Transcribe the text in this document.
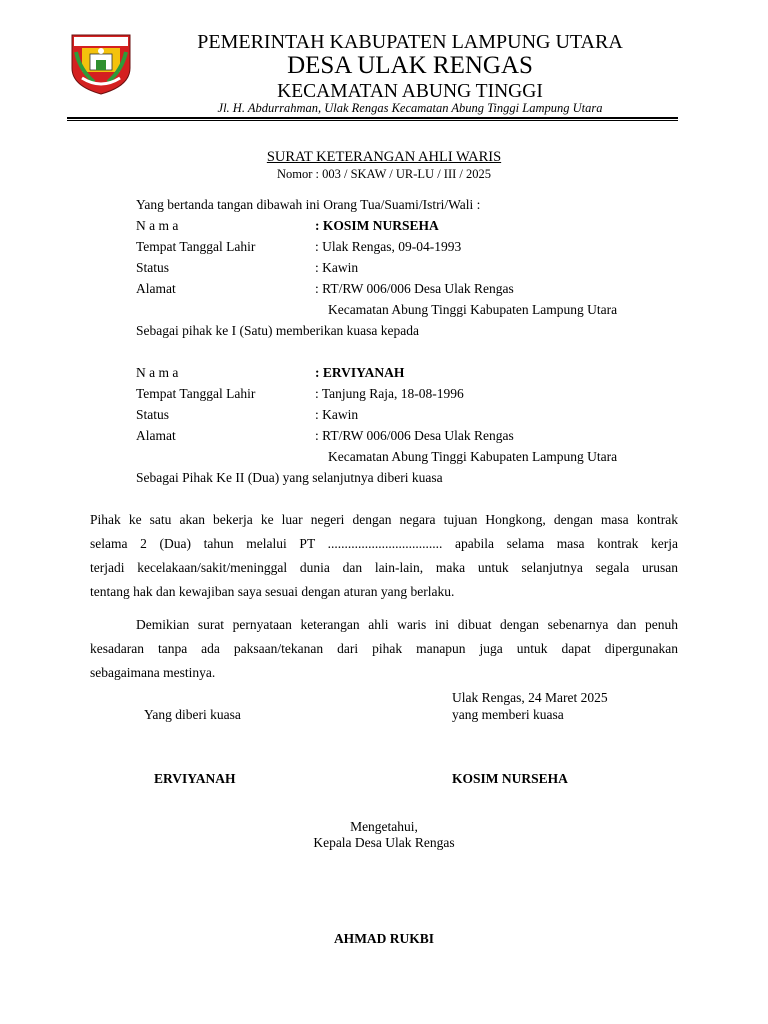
PEMERINTAH KABUPATEN LAMPUNG UTARA
DESA ULAK RENGAS
KECAMATAN ABUNG TINGGI
Jl. H. Abdurrahman, Ulak Rengas Kecamatan Abung Tinggi Lampung Utara
SURAT KETERANGAN AHLI WARIS
Nomor : 003 / SKAW / UR-LU / III / 2025
Yang bertanda tangan dibawah ini Orang Tua/Suami/Istri/Wali :
N a m a	: KOSIM NURSEHA
Tempat Tanggal Lahir	: Ulak Rengas, 09-04-1993
Status	: Kawin
Alamat	: RT/RW 006/006 Desa Ulak Rengas
Kecamatan Abung Tinggi Kabupaten Lampung Utara
Sebagai pihak ke I (Satu) memberikan kuasa kepada
N a m a	: ERVIYANAH
Tempat Tanggal Lahir	: Tanjung Raja, 18-08-1996
Status	: Kawin
Alamat	: RT/RW 006/006 Desa Ulak Rengas
Kecamatan Abung Tinggi Kabupaten Lampung Utara
Sebagai Pihak Ke II (Dua) yang selanjutnya diberi kuasa

Pihak ke satu akan bekerja ke luar negeri dengan negara tujuan Hongkong, dengan masa kontrak

selama 2 (Dua) tahun melalui PT .................................. apabila selama masa kontrak kerja

terjadi kecelakaan/sakit/meninggal dunia dan lain-lain, maka untuk selanjutnya segala urusan

tentang hak dan kewajiban saya sesuai dengan aturan yang berlaku.

Demikian surat pernyataan keterangan ahli waris ini dibuat dengan sebenarnya dan penuh

kesadaran tanpa ada paksaan/tekanan dari pihak manapun juga untuk dapat dipergunakan

sebagaimana mestinya.

Ulak Rengas, 24 Maret 2025
Yang diberi kuasa	yang memberi kuasa
ERVIYANAH	KOSIM NURSEHA
Mengetahui,
Kepala Desa Ulak Rengas
AHMAD RUKBI
